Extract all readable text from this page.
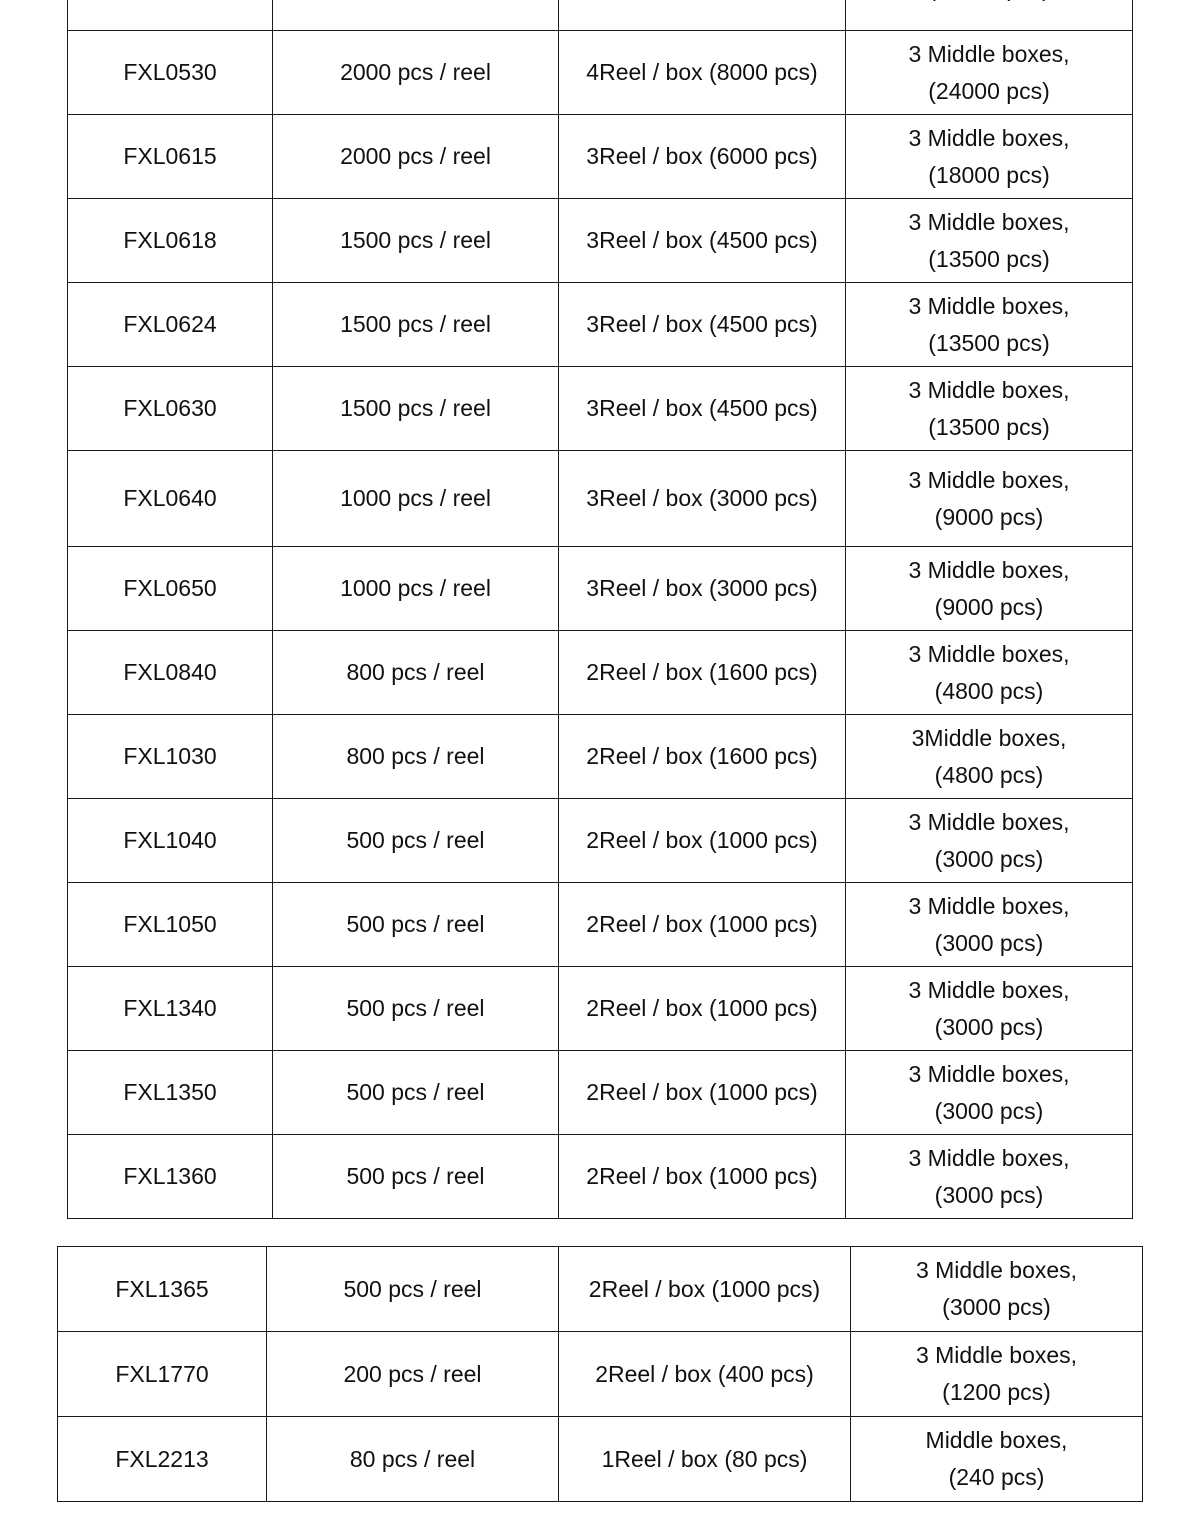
FXL0530	2000 pcs / reel	4Reel / box (8000 pcs)	3 Middle boxes,
(24000 pcs)

FXL0615	2000 pcs / reel	3Reel / box (6000 pcs)	3 Middle boxes,
(18000 pcs)

FXL0618	1500 pcs / reel	3Reel / box (4500 pcs)	3 Middle boxes,
(13500 pcs)

FXL0624	1500 pcs / reel	3Reel / box (4500 pcs)	3 Middle boxes,
(13500 pcs)

FXL0630	1500 pcs / reel	3Reel / box (4500 pcs)	3 Middle boxes,
(13500 pcs)

FXL0640	1000 pcs / reel	3Reel / box (3000 pcs)	3 Middle boxes,
(9000 pcs)

FXL0650	1000 pcs / reel	3Reel / box (3000 pcs)	3 Middle boxes,
(9000 pcs)

FXL0840	800 pcs / reel	2Reel / box (1600 pcs)	3 Middle boxes,
(4800 pcs)

FXL1030	800 pcs / reel	2Reel / box (1600 pcs)	3Middle boxes,
(4800 pcs)

FXL1040	500 pcs / reel	2Reel / box (1000 pcs)	3 Middle boxes,
(3000 pcs)

FXL1050	500 pcs / reel	2Reel / box (1000 pcs)	3 Middle boxes,
(3000 pcs)

FXL1340	500 pcs / reel	2Reel / box (1000 pcs)	3 Middle boxes,
(3000 pcs)

FXL1350	500 pcs / reel	2Reel / box (1000 pcs)	3 Middle boxes,
(3000 pcs)

FXL1360	500 pcs / reel	2Reel / box (1000 pcs)	3 Middle boxes,
(3000 pcs)
FXL1365	500 pcs / reel	2Reel / box (1000 pcs)	3 Middle boxes,
(3000 pcs)

FXL1770	200 pcs / reel	2Reel / box (400 pcs)	3 Middle boxes,
(1200 pcs)

FXL2213	80 pcs / reel	1Reel / box (80 pcs)	Middle boxes,
(240 pcs)
